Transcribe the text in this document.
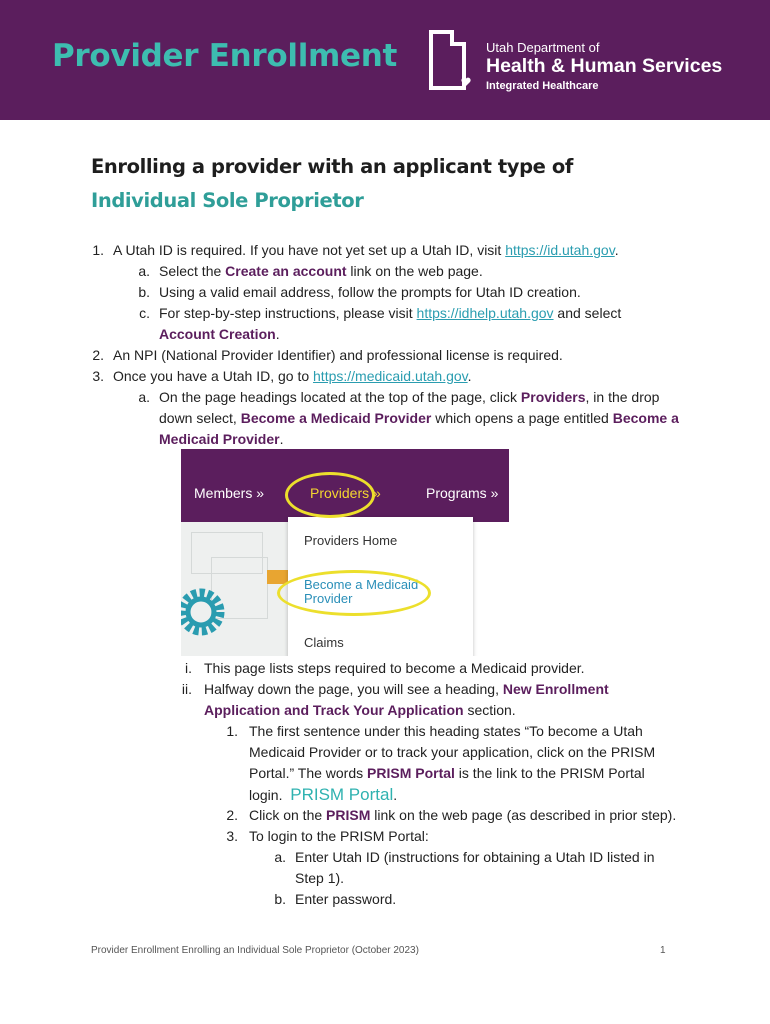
Provider Enrollment	Utah Department of
Health & Human Services
Integrated Healthcare
Enrolling a provider with an applicant type of
Individual Sole Proprietor
1. A Utah ID is required. If you have not yet set up a Utah ID, visit https://id.utah.gov.
a. Select the Create an account link on the web page.
b. Using a valid email address, follow the prompts for Utah ID creation.
c. For step-by-step instructions, please visit https://idhelp.utah.gov and select
Account Creation.
2. An NPI (National Provider Identifier) and professional license is required.
3. Once you have a Utah ID, go to https://medicaid.utah.gov.
a. On the page headings located at the top of the page, click Providers, in the drop
down select, Become a Medicaid Provider which opens a page entitled Become a
Medicaid Provider.
Members »	Providers »	Programs »
Providers Home
Become a Medicaid Provider
Claims
i. This page lists steps required to become a Medicaid provider.
ii. Halfway down the page, you will see a heading, New Enrollment
Application and Track Your Application section.
1. The first sentence under this heading states “To become a Utah
Medicaid Provider or to track your application, click on the PRISM
Portal.” The words PRISM Portal is the link to the PRISM Portal
login. PRISM Portal.
2. Click on the PRISM link on the web page (as described in prior step).
3. To login to the PRISM Portal:
a. Enter Utah ID (instructions for obtaining a Utah ID listed in
Step 1).
b. Enter password.
Provider Enrollment Enrolling an Individual Sole Proprietor (October 2023)	1
